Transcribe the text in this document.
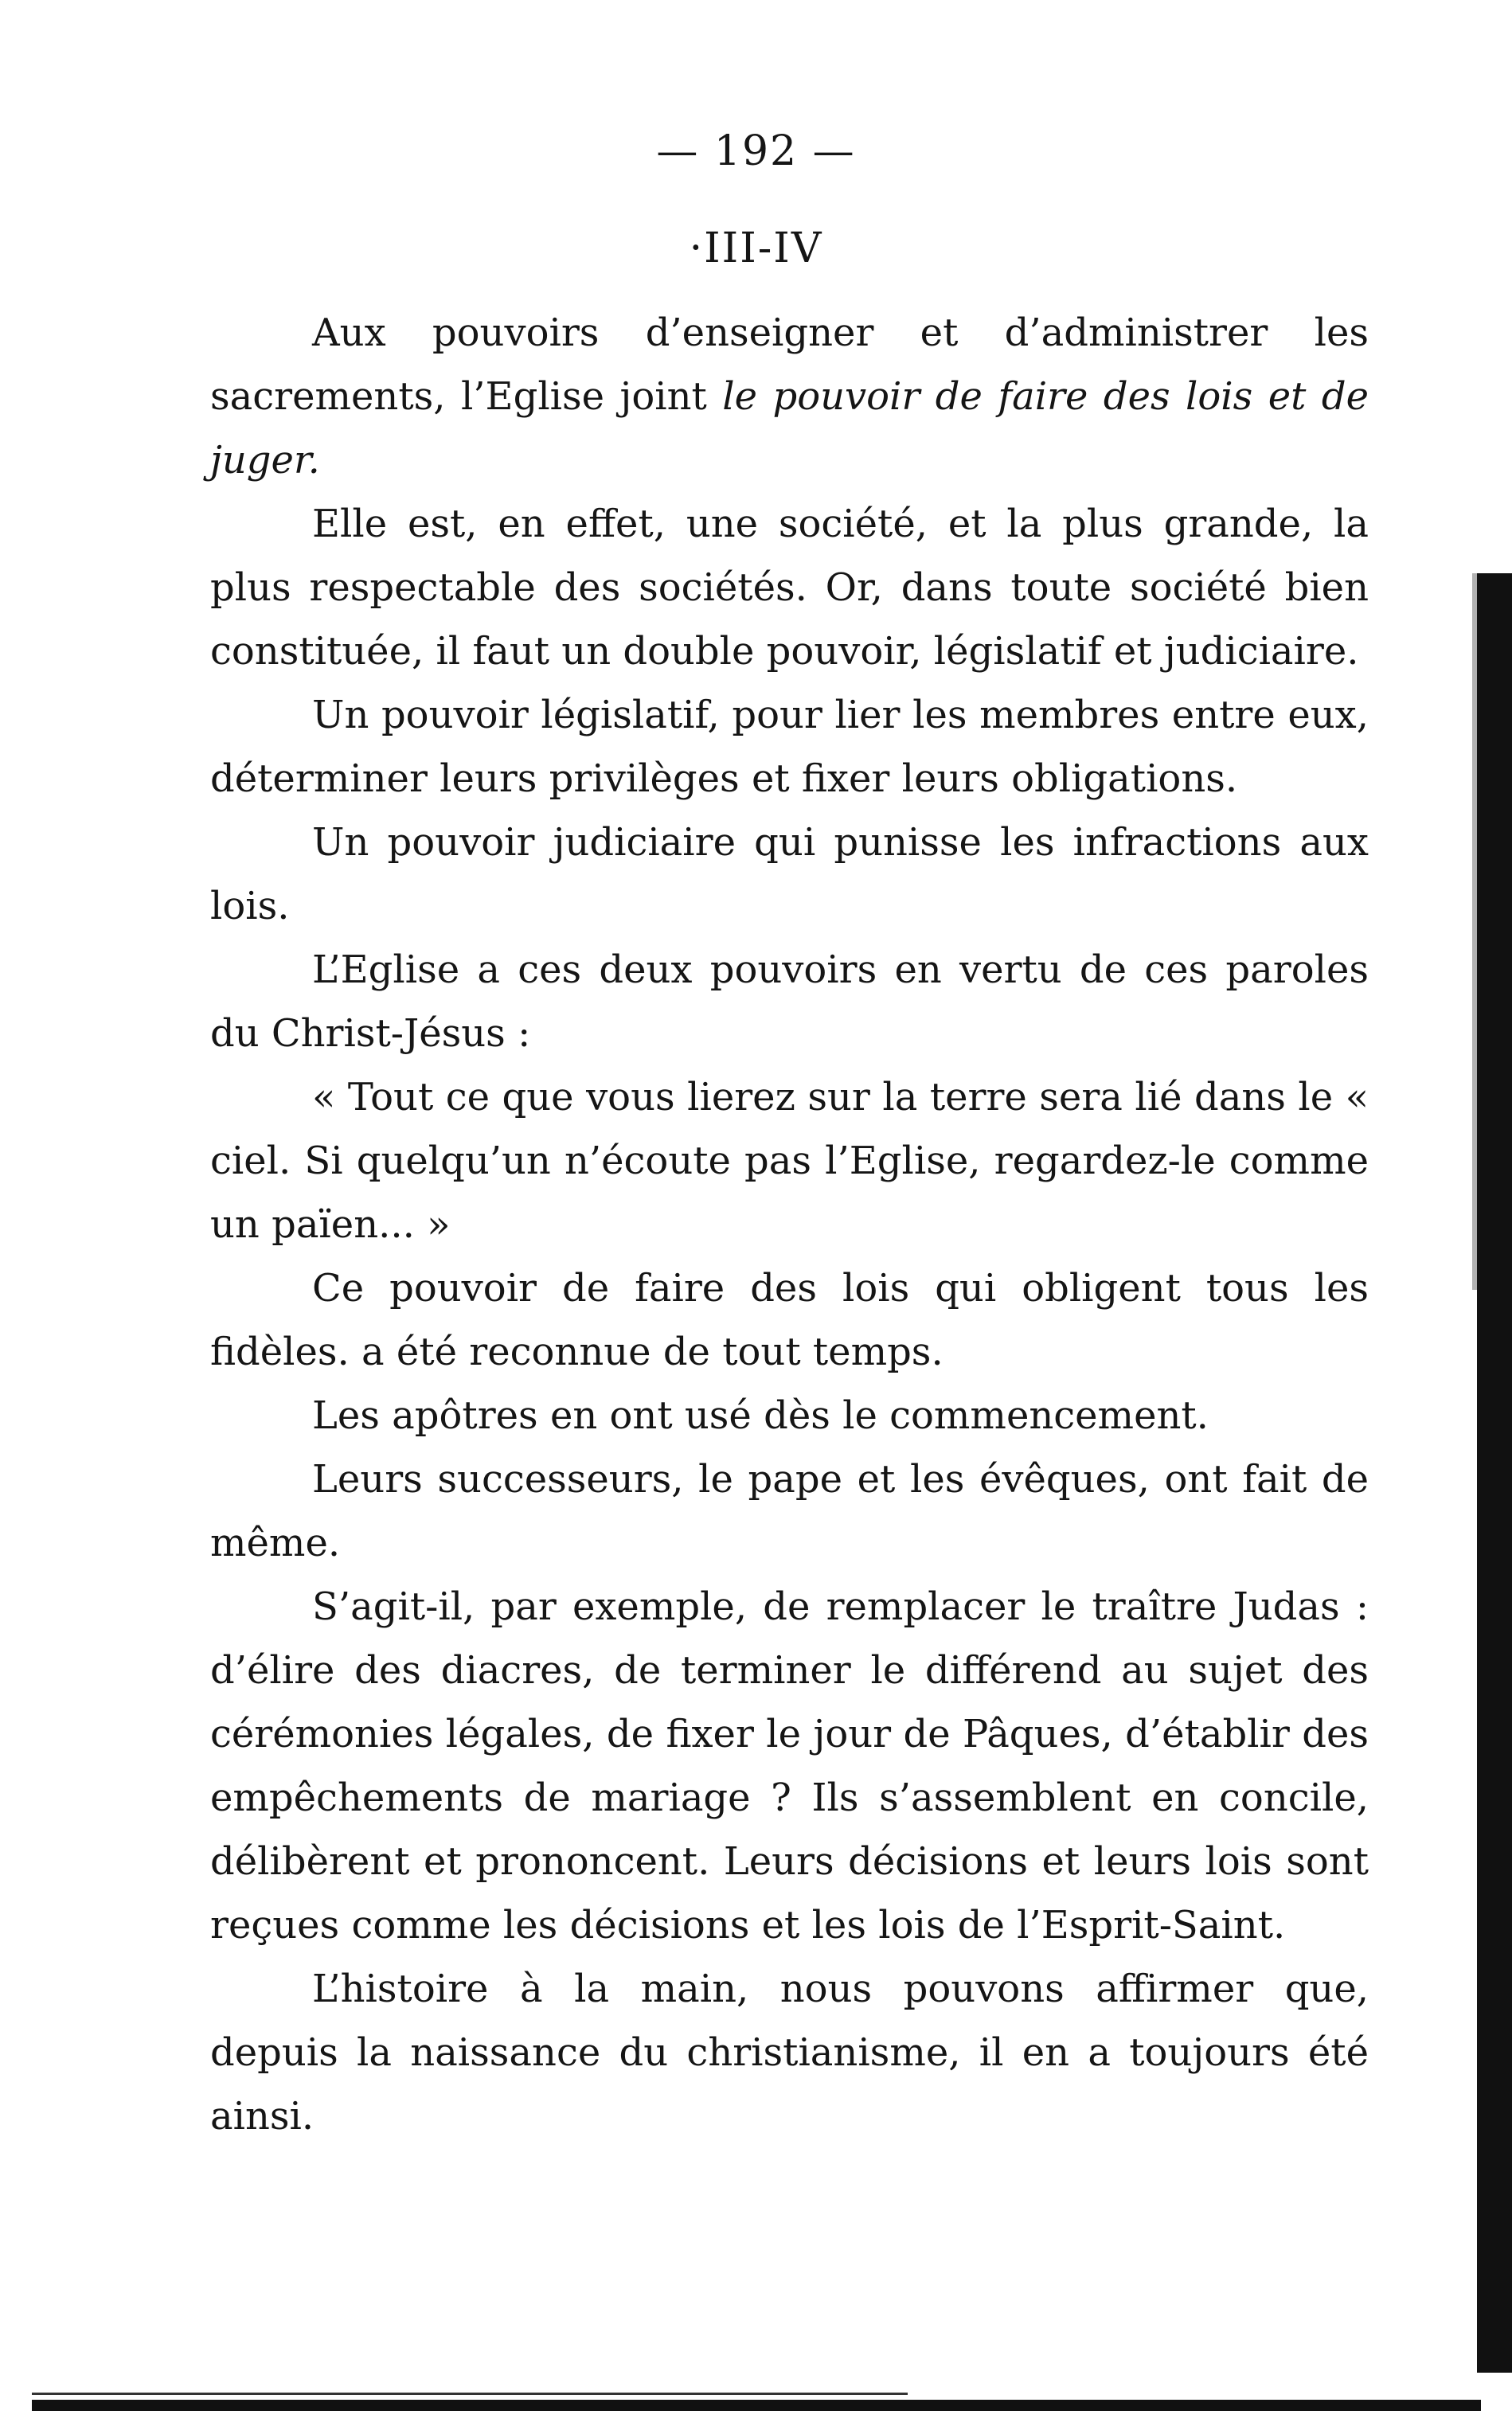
— 192 —
·III-IV

Aux pouvoirs d’enseigner et d’administrer les sacrements, l’Eglise joint le pouvoir de faire des lois et de juger.

Elle est, en effet, une société, et la plus grande, la plus respectable des sociétés. Or, dans toute société bien constituée, il faut un double pouvoir, législatif et judiciaire.

Un pouvoir législatif, pour lier les membres entre eux, déterminer leurs privilèges et fixer leurs obligations.

Un pouvoir judiciaire qui punisse les infractions aux lois.

L’Eglise a ces deux pouvoirs en vertu de ces paroles du Christ-Jésus :

« Tout ce que vous lierez sur la terre sera lié dans le « ciel. Si quelqu’un n’écoute pas l’Eglise, regardez-le comme un païen... »

Ce pouvoir de faire des lois qui obligent tous les fidèles. a été reconnue de tout temps.

Les apôtres en ont usé dès le commencement.

Leurs successeurs, le pape et les évêques, ont fait de même.

S’agit-il, par exemple, de remplacer le traître Judas : d’élire des diacres, de terminer le différend au sujet des cérémonies légales, de fixer le jour de Pâques, d’établir des empêchements de mariage ? Ils s’assemblent en concile, délibèrent et prononcent. Leurs décisions et leurs lois sont reçues comme les décisions et les lois de l’Esprit-Saint.

L’histoire à la main, nous pouvons affirmer que, depuis la naissance du christianisme, il en a toujours été ainsi.
